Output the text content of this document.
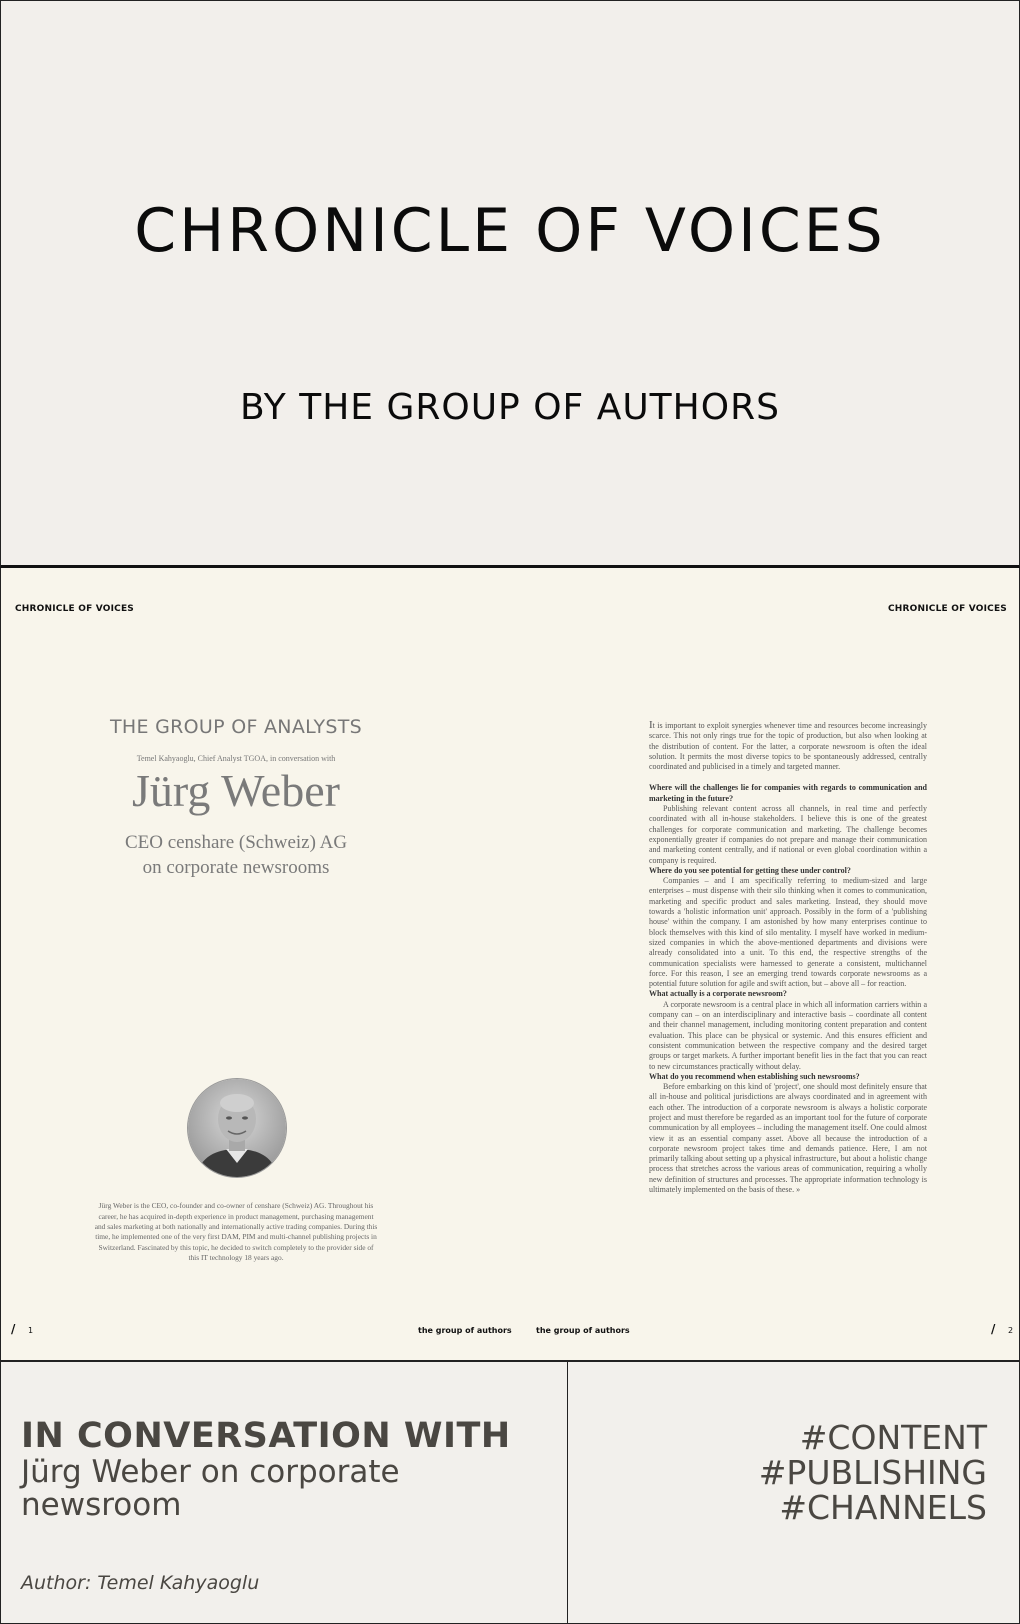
CHRONICLE OF VOICES
BY THE GROUP OF AUTHORS
CHRONICLE OF VOICES	CHRONICLE OF VOICES
THE GROUP OF ANALYSTS
Temel Kahyaoglu, Chief Analyst TGOA, in conversation with
Jürg Weber
CEO censhare (Schweiz) AG
on corporate newsrooms

Jürg Weber is the CEO, co-founder and co-owner of censhare (Schweiz) AG. Throughout his career, he has acquired in-depth experience in product management, purchasing management and sales marketing at both nationally and internationally active trading companies. During this time, he implemented one of the very first DAM, PIM and multi-channel publishing projects in Switzerland. Fascinated by this topic, he decided to switch completely to the provider side of this IT technology 18 years ago.

It is important to exploit synergies whenever time and resources become increasingly scarce. This not only rings true for the topic of production, but also when looking at the distribution of content. For the latter, a corporate newsroom is often the ideal solution. It permits the most diverse topics to be spontaneously addressed, centrally coordinated and publicised in a timely and targeted manner.

Where will the challenges lie for companies with regards to communication and marketing in the future?

Publishing relevant content across all channels, in real time and perfectly coordinated with all in-house stakeholders. I believe this is one of the greatest challenges for corporate communication and marketing. The challenge becomes exponentially greater if companies do not prepare and manage their communication and marketing content centrally, and if national or even global coordination within a company is required.

Where do you see potential for getting these under control?

Companies – and I am specifically referring to medium-sized and large enterprises – must dispense with their silo thinking when it comes to communication, marketing and specific product and sales marketing. Instead, they should move towards a 'holistic information unit' approach. Possibly in the form of a 'publishing house' within the company. I am astonished by how many enterprises continue to block themselves with this kind of silo mentality. I myself have worked in medium-sized companies in which the above-mentioned departments and divisions were already consolidated into a unit. To this end, the respective strengths of the communication specialists were harnessed to generate a consistent, multichannel force. For this reason, I see an emerging trend towards corporate newsrooms as a potential future solution for agile and swift action, but – above all – for reaction.

What actually is a corporate newsroom?

A corporate newsroom is a central place in which all information carriers within a company can – on an interdisciplinary and interactive basis – coordinate all content and their channel management, including monitoring content preparation and content evaluation. This place can be physical or systemic. And this ensures efficient and consistent communication between the respective company and the desired target groups or target markets. A further important benefit lies in the fact that you can react to new circumstances practically without delay.

What do you recommend when establishing such newsrooms?

Before embarking on this kind of 'project', one should most definitely ensure that all in-house and political jurisdictions are always coordinated and in agreement with each other. The introduction of a corporate newsroom is always a holistic corporate project and must therefore be regarded as an important tool for the future of corporate communication by all employees – including the management itself. One could almost view it as an essential company asset. Above all because the introduction of a corporate newsroom project takes time and demands patience. Here, I am not primarily talking about setting up a physical infrastructure, but about a holistic change process that stretches across the various areas of communication, requiring a wholly new definition of structures and processes. The appropriate information technology is ultimately implemented on the basis of these. »

/ 1	the group of authors	the group of authors	/ 2
IN CONVERSATION WITH

Jürg Weber on corporate newsroom

Author: Temel Kahyaoglu

#CONTENT
#PUBLISHING
#CHANNELS
